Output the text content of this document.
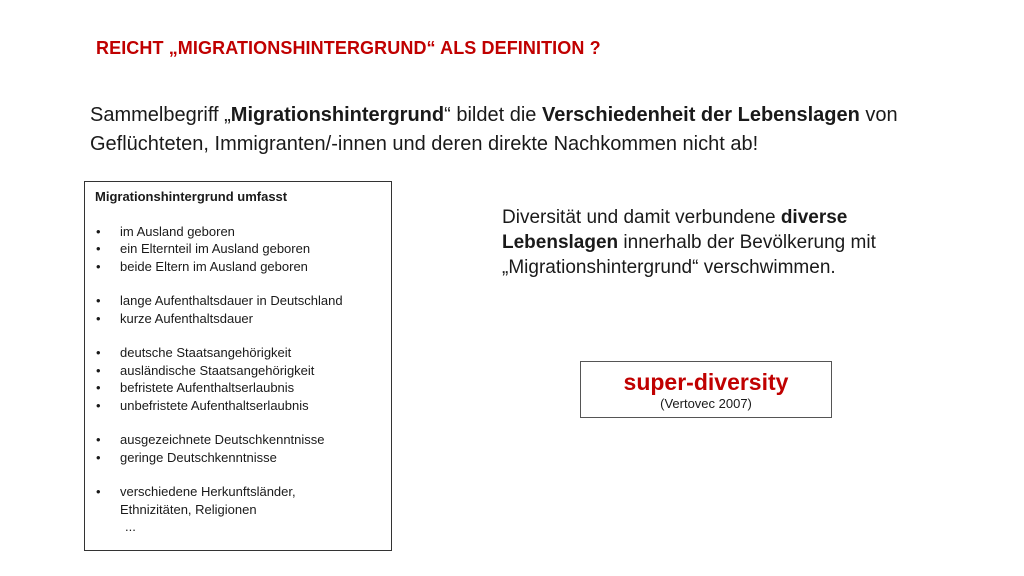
REICHT „MIGRATIONSHINTERGRUND“ ALS DEFINITION ?
Sammelbegriff „Migrationshintergrund“ bildet die Verschiedenheit der Lebenslagen von Geflüchteten, Immigranten/-innen und deren direkte Nachkommen nicht ab!
Migrationshintergrund umfasst
• im Ausland geboren
• ein Elternteil im Ausland geboren
• beide Eltern im Ausland geboren
• lange Aufenthaltsdauer in Deutschland
• kurze Aufenthaltsdauer
• deutsche Staatsangehörigkeit
• ausländische Staatsangehörigkeit
• befristete Aufenthaltserlaubnis
• unbefristete Aufenthaltserlaubnis
• ausgezeichnete Deutschkenntnisse
• geringe Deutschkenntnisse
• verschiedene Herkunftsländer,
Ethnizitäten, Religionen
...
Diversität und damit verbundene diverse Lebenslagen innerhalb der Bevölkerung mit „Migrationshintergrund“ verschwimmen.
super-diversity
(Vertovec 2007)
